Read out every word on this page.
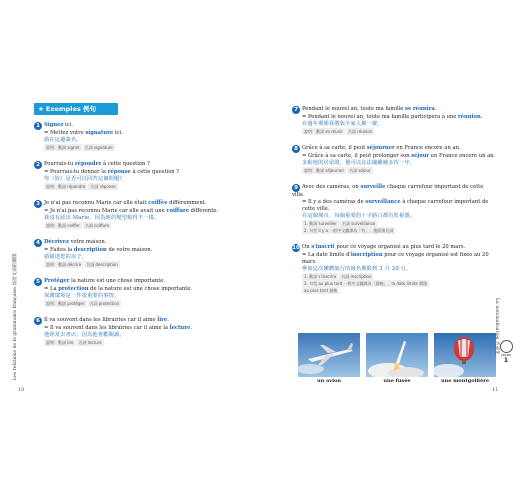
★ Exemples 例句
1 Signez ici.
= Mettez votre signature ici.
請在這邊簽名。
說明：動詞 signer 名詞 signature
2 Pourrais-tu répondre à cette question ?
= Pourrais-tu donner la réponse à cette question ?
你（妳）是否可以回答這個問題？
說明：動詞 répondre 名詞 réponse
3 Je n'ai pas reconnu Marie car elle était coiffée différemment.
= Je n'ai pas reconnu Marie car elle avait une coiffure différente.
我沒有認出 Marie，因為她的髮型梳得不一樣。
說明：動詞 coiffer 名詞 coiffure
4 Décrivez votre maison.
= Faites la description de votre maison.
請描述您的房子。
說明：動詞 décrire 名詞 description
5 Protéger la nature est une chose importante.
= La protection de la nature est une chose importante.
保護環境是一件很重要的事情。
說明：動詞 protéger 名詞 protection
6 Il va souvent dans les librairies car il aime lire.
= Il va souvent dans les librairies car il aime la lecture.
他經常去書店，因為他喜歡閱讀。
說明：動詞 lire 名詞 lecture
7 Pendant le nouvel an, toute ma famille se réunira.
= Pendant le nouvel an, toute ma famille participera à une réunion.
在過年期間我將與全家人聚一聚。
說明：動詞 se réunir 名詞 réunion
8 Grâce à sa carte, il peut séjourner en France encore un an.
= Grâce à sa carte, il peut prolonger son séjour en France encore un an.
多虧他的居留證，他可以在法國繼續多待一年。
說明：動詞 séjourner 名詞 séjour
9 Avec des caméras, on surveille chaque carrefour important de cette ville.
= Il y a des caméras de surveillance à chaque carrefour important de cette ville.
在這個城市，每個重要的十字路口都有監視器。
1. 動詞 surveiller 名詞 surveillance
2. 句型 il y a 一般中文翻譯為「有」，後面接名詞
10 On s'inscrit pour ce voyage organisé au plus tard le 20 mars.
= La date limite d'inscription pour ce voyage organisé est fixée au 20 mars.
參加這次團體旅行的報名期限到 3 月 20 日。
1. 動詞 s'inscrire 名詞 inscription
2. 句型 au plus tard 一般中文翻譯為「最晚」，la date limite 期限
au plus tard 最晚
un avion	une fusée	une montgolfière
Les relations de la grammaire française 法語文法的關係	La nominalisation 名詞化
Leçon
1
10	11
